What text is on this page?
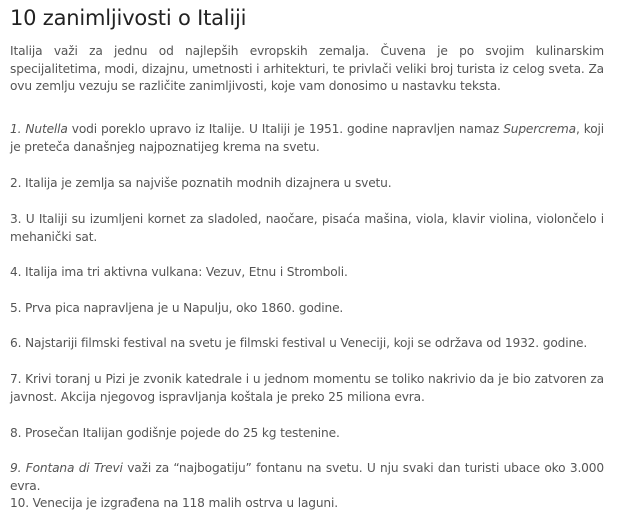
10 zanimljivosti o Italiji

Italija važi za jednu od najlepših evropskih zemalja. Čuvena je po svojim kulinarskim specijalitetima, modi, dizajnu, umetnosti i arhitekturi, te privlači veliki broj turista iz celog sveta. Za ovu zemlju vezuju se različite zanimljivosti, koje vam donosimo u nastavku teksta.

1. Nutella vodi poreklo upravo iz Italije. U Italiji je 1951. godine napravljen namaz Supercrema, koji je preteča današnjeg najpoznatijeg krema na svetu.

2. Italija je zemlja sa najviše poznatih modnih dizajnera u svetu.

3. U Italiji su izumljeni kornet za sladoled, naočare, pisaća mašina, viola, klavir violina, violončelo i mehanički sat.

4. Italija ima tri aktivna vulkana: Vezuv, Etnu i Stromboli.

5. Prva pica napravljena je u Napulju, oko 1860. godine.

6. Najstariji filmski festival na svetu je filmski festival u Veneciji, koji se održava od 1932. godine.

7. Krivi toranj u Pizi je zvonik katedrale i u jednom momentu se toliko nakrivio da je bio zatvoren za javnost. Akcija njegovog ispravljanja koštala je preko 25 miliona evra.

8. Prosečan Italijan godišnje pojede do 25 kg testenine.

9. Fontana di Trevi važi za “najbogatiju” fontanu na svetu. U nju svaki dan turisti ubace oko 3.000 evra.

10. Venecija je izgrađena na 118 malih ostrva u laguni.
